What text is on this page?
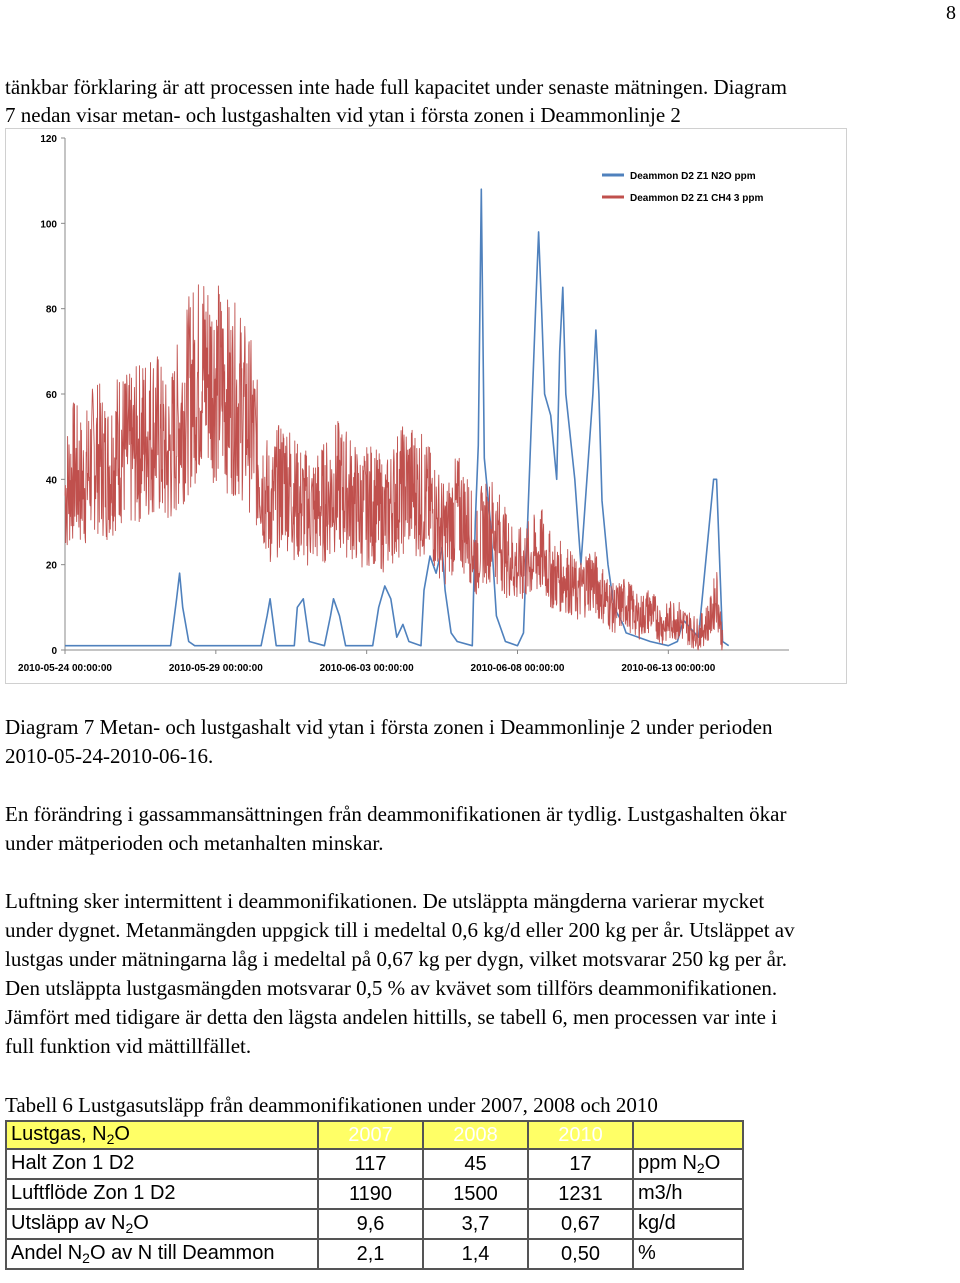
8
tänkbar förklaring är att processen inte hade full kapacitet under senaste mätningen. Diagram
7 nedan visar metan- och lustgashalten vid ytan i första zonen i Deammonlinje 2
0
20
40
60
80
100
120
2010-05-24 00:00:00	2010-05-29 00:00:00	2010-06-03 00:00:00	2010-06-08 00:00:00	2010-06-13 00:00:00
Deammon D2 Z1 N2O ppm
Deammon D2 Z1 CH4 3 ppm
Diagram 7 Metan- och lustgashalt vid ytan i första zonen i Deammonlinje 2 under perioden
2010-05-24-2010-06-16.
En förändring i gassammansättningen från deammonifikationen är tydlig. Lustgashalten ökar
under mätperioden och metanhalten minskar.
Luftning sker intermittent i deammonifikationen. De utsläppta mängderna varierar mycket
under dygnet. Metanmängden uppgick till i medeltal 0,6 kg/d eller 200 kg per år. Utsläppet av
lustgas under mätningarna låg i medeltal på 0,67 kg per dygn, vilket motsvarar 250 kg per år.
Den utsläppta lustgasmängden motsvarar 0,5 % av kvävet som tillförs deammonifikationen.
Jämfört med tidigare är detta den lägsta andelen hittills, se tabell 6, men processen var inte i
full funktion vid mättillfället.
Tabell 6 Lustgasutsläpp från deammonifikationen under 2007, 2008 och 2010
Lustgas, $N_2O$	2007	2008	2010	
Halt Zon 1 D2	117	45	17	ppm $N_2O$
Luftflöde Zon 1 D2	1190	1500	1231	m3/h
Utsläpp av $N_2O$	9,6	3,7	0,67	kg/d
Andel $N_2O$ av N till Deammon	2,1	1,4	0,50	%
